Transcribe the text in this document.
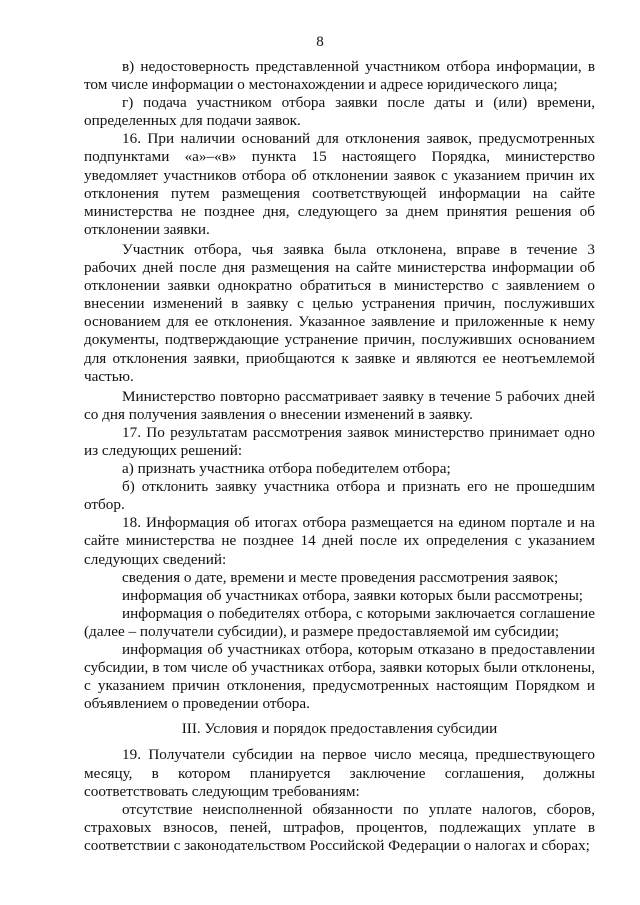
8

в) недостоверность представленной участником отбора информации, в том числе информации о местонахождении и адресе юридического лица;

г) подача участником отбора заявки после даты и (или) времени, определенных для подачи заявок.

16. При наличии оснований для отклонения заявок, предусмотренных подпунктами «а»–«в» пункта 15 настоящего Порядка, министерство уведомляет участников отбора об отклонении заявок с указанием причин их отклонения путем размещения соответствующей информации на сайте министерства не позднее дня, следующего за днем принятия решения об отклонении заявки.

Участник отбора, чья заявка была отклонена, вправе в течение 3 рабочих дней после дня размещения на сайте министерства информации об отклонении заявки однократно обратиться в министерство с заявлением о внесении изменений в заявку с целью устранения причин, послуживших основанием для ее отклонения. Указанное заявление и приложенные к нему документы, подтверждающие устранение причин, послуживших основанием для отклонения заявки, приобщаются к заявке и являются ее неотъемлемой частью.

Министерство повторно рассматривает заявку в течение 5 рабочих дней со дня получения заявления о внесении изменений в заявку.

17. По результатам рассмотрения заявок министерство принимает одно из следующих решений:

а) признать участника отбора победителем отбора;

б) отклонить заявку участника отбора и признать его не прошедшим отбор.

18. Информация об итогах отбора размещается на едином портале и на сайте министерства не позднее 14 дней после их определения с указанием следующих сведений:

сведения о дате, времени и месте проведения рассмотрения заявок;

информация об участниках отбора, заявки которых были рассмотрены;

информация о победителях отбора, с которыми заключается соглашение (далее – получатели субсидии), и размере предоставляемой им субсидии;

информация об участниках отбора, которым отказано в предоставлении субсидии, в том числе об участниках отбора, заявки которых были отклонены, с указанием причин отклонения, предусмотренных настоящим Порядком и объявлением о проведении отбора.

III. Условия и порядок предоставления субсидии

19. Получатели субсидии на первое число месяца, предшествующего месяцу, в котором планируется заключение соглашения, должны соответствовать следующим требованиям:

отсутствие неисполненной обязанности по уплате налогов, сборов, страховых взносов, пеней, штрафов, процентов, подлежащих уплате в соответствии с законодательством Российской Федерации о налогах и сборах;
